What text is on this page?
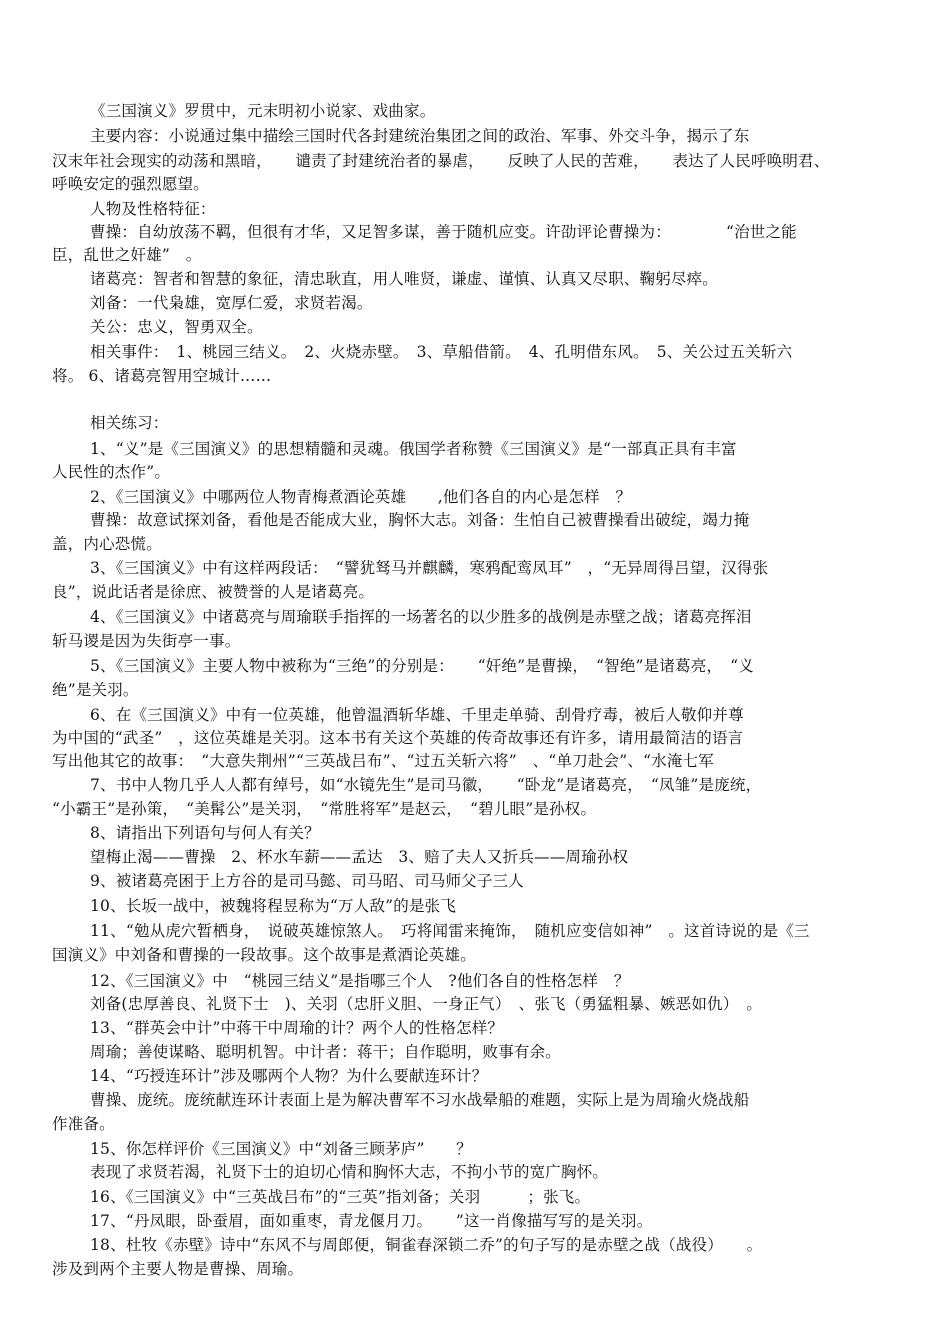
《三国演义》罗贯中，元末明初小说家、戏曲家。
主要内容：小说通过集中描绘三国时代各封建统治集团之间的政治、军事、外交斗争，揭示了东
汉末年社会现实的动荡和黑暗，　　谴责了封建统治者的暴虐，　　反映了人民的苦难，　　表达了人民呼唤明君、
呼唤安定的强烈愿望。
人物及性格特征：
曹操：自幼放荡不羁，但很有才华，又足智多谋，善于随机应变。许劭评论曹操为：　　　　“治世之能
臣，乱世之奸雄”　。
诸葛亮：智者和智慧的象征，清忠耿直，用人唯贤，谦虚、谨慎、认真又尽职、鞠躬尽瘁。
刘备：一代枭雄，宽厚仁爱，求贤若渴。
关公：忠义，智勇双全。
相关事件：　1、桃园三结义。　2、火烧赤壁。　3、草船借箭。　4、孔明借东风。　5、关公过五关斩六
将。 6、诸葛亮智用空城计……
相关练习：
1、“义”是《三国演义》的思想精髓和灵魂。俄国学者称赞《三国演义》是“一部真正具有丰富
人民性的杰作”。
2、《三国演义》中哪两位人物青梅煮酒论英雄　　,他们各自的内心是怎样　？
曹操：故意试探刘备，看他是否能成大业，胸怀大志。刘备：生怕自己被曹操看出破绽，竭力掩
盖，内心恐慌。
3、《三国演义》中有这样两段话：　“譬犹驽马并麒麟，寒鸦配鸾凤耳”　，“无异周得吕望，汉得张
良”，说此话者是徐庶、被赞誉的人是诸葛亮。
4、《三国演义》中诸葛亮与周瑜联手指挥的一场著名的以少胜多的战例是赤壁之战；诸葛亮挥泪
斩马谡是因为失街亭一事。
5、《三国演义》主要人物中被称为“三绝”的分别是：　　“奸绝”是曹操，　“智绝”是诸葛亮，　“义
绝”是关羽。
6、在《三国演义》中有一位英雄，他曾温酒斩华雄、千里走单骑、刮骨疗毒，被后人敬仰并尊
为中国的“武圣”　，这位英雄是关羽。这本书有关这个英雄的传奇故事还有许多，请用最简洁的语言
写出他其它的故事：　“大意失荆州”“三英战吕布”、“过五关斩六将”　、“单刀赴会”、“水淹七军
7、书中人物几乎人人都有绰号，如“水镜先生”是司马徽，　　“卧龙”是诸葛亮，　“凤雏”是庞统，
“小霸王”是孙策，　“美髯公”是关羽，　“常胜将军”是赵云，　“碧儿眼”是孙权。
8、请指出下列语句与何人有关？
望梅止渴——曹操　2、杯水车薪——孟达　3、赔了夫人又折兵——周瑜孙权
9、被诸葛亮困于上方谷的是司马懿、司马昭、司马师父子三人
10、长坂一战中，被魏将程昱称为“万人敌”的是张飞
11、“勉从虎穴暂栖身，　说破英雄惊煞人。　巧将闻雷来掩饰，　随机应变信如神”　。这首诗说的是《三
国演义》中刘备和曹操的一段故事。这个故事是煮酒论英雄。
12、《三国演义》中　“桃园三结义”是指哪三个人　?他们各自的性格怎样　？
刘备(忠厚善良、礼贤下士　)、关羽（忠肝义胆、一身正气）　、张飞（勇猛粗暴、嫉恶如仇）　。
13、“群英会中计”中蒋干中周瑜的计？两个人的性格怎样？
周瑜；善使谋略、聪明机智。中计者：蒋干；自作聪明，败事有余。
14、“巧授连环计”涉及哪两个人物？为什么要献连环计？
曹操、庞统。庞统献连环计表面上是为解决曹军不习水战晕船的难题，实际上是为周瑜火烧战船
作准备。
15、你怎样评价《三国演义》中“刘备三顾茅庐”　　？
表现了求贤若渴，礼贤下士的迫切心情和胸怀大志，不拘小节的宽广胸怀。
16、《三国演义》中“三英战吕布”的“三英”指刘备；关羽　　　；张飞。
17、“丹凤眼，卧蚕眉，面如重枣，青龙偃月刀。　　”这一肖像描写写的是关羽。
18、杜牧《赤壁》诗中“东风不与周郎便，铜雀春深锁二乔”的句子写的是赤壁之战（战役）　　。
涉及到两个主要人物是曹操、周瑜。
